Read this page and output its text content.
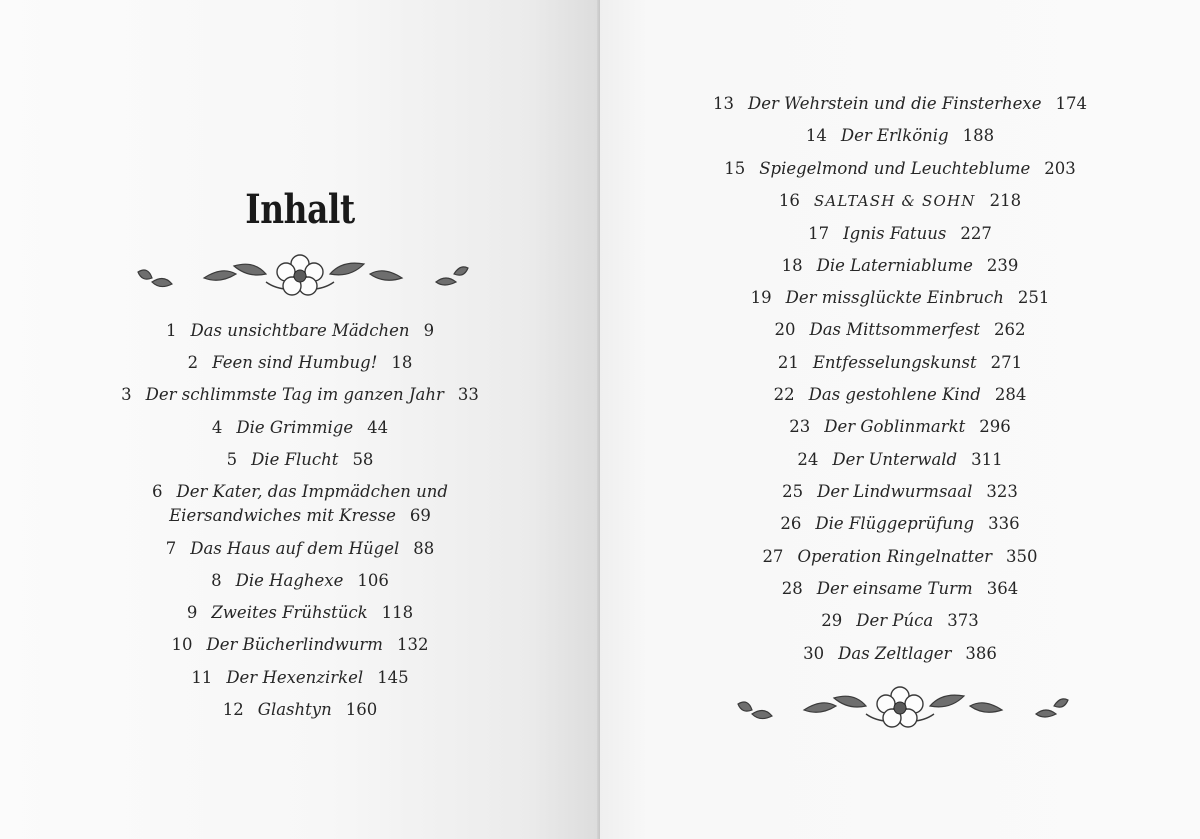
Inhalt
1 Das unsichtbare Mädchen 9
2 Feen sind Humbug! 18
3 Der schlimmste Tag im ganzen Jahr 33
4 Die Grimmige 44
5 Die Flucht 58
6 Der Kater, das Impmädchen und
Eiersandwiches mit Kresse 69
7 Das Haus auf dem Hügel 88
8 Die Haghexe 106
9 Zweites Frühstück 118
10 Der Bücherlindwurm 132
11 Der Hexenzirkel 145
12 Glashtyn 160
13 Der Wehrstein und die Finsterhexe 174
14 Der Erlkönig 188
15 Spiegelmond und Leuchteblume 203
16 SALTASH & SOHN 218
17 Ignis Fatuus 227
18 Die Laterniablume 239
19 Der missglückte Einbruch 251
20 Das Mittsommerfest 262
21 Entfesselungskunst 271
22 Das gestohlene Kind 284
23 Der Goblinmarkt 296
24 Der Unterwald 311
25 Der Lindwurmsaal 323
26 Die Flüggeprüfung 336
27 Operation Ringelnatter 350
28 Der einsame Turm 364
29 Der Púca 373
30 Das Zeltlager 386
